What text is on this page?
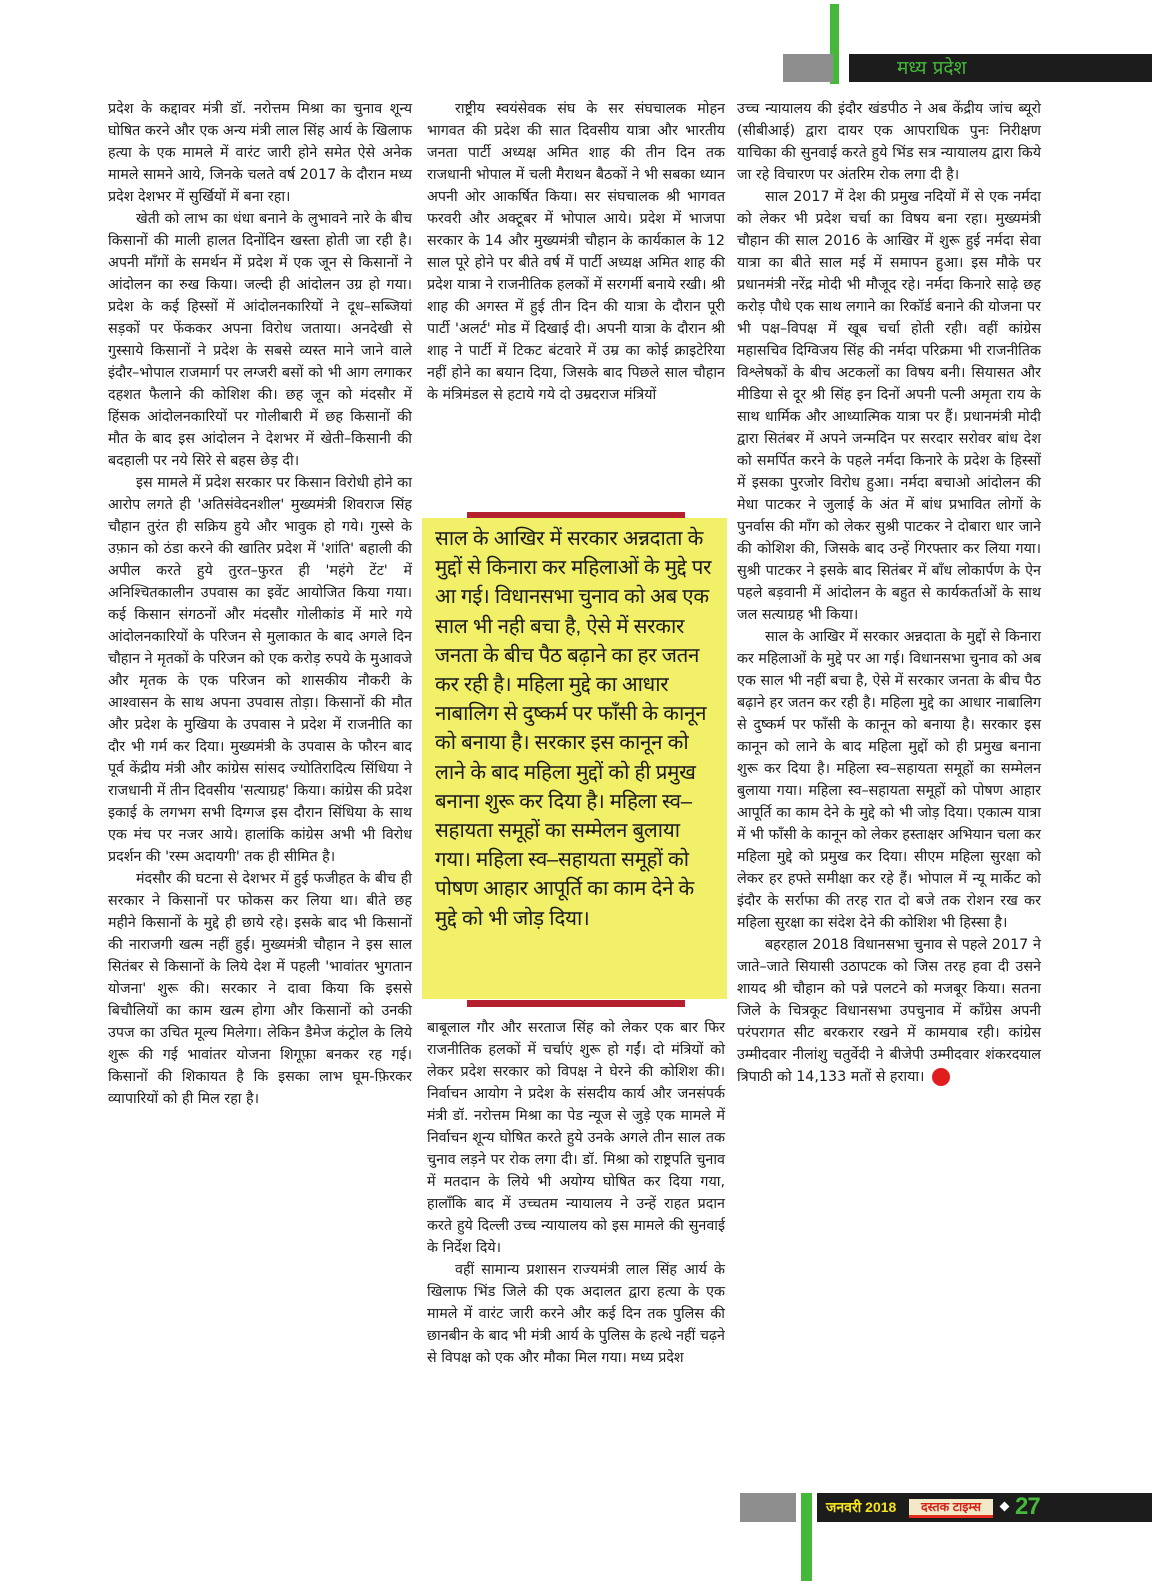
मध्य प्रदेश

प्रदेश के कद्दावर मंत्री डॉ. नरोत्तम मिश्रा का चुनाव शून्य घोषित करने और एक अन्य मंत्री लाल सिंह आर्य के खिलाफ हत्या के एक मामले में वारंट जारी होने समेत ऐसे अनेक मामले सामने आये, जिनके चलते वर्ष 2017 के दौरान मध्य प्रदेश देशभर में सुर्खियों में बना रहा।

खेती को लाभ का धंधा बनाने के लुभावने नारे के बीच किसानों की माली हालत दिनोंदिन खस्ता होती जा रही है। अपनी माँगों के समर्थन में प्रदेश में एक जून से किसानों ने आंदोलन का रुख किया। जल्दी ही आंदोलन उग्र हो गया। प्रदेश के कई हिस्सों में आंदोलनकारियों ने दूध–सब्जियां सड़कों पर फेंककर अपना विरोध जताया। अनदेखी से गुस्साये किसानों ने प्रदेश के सबसे व्यस्त माने जाने वाले इंदौर–भोपाल राजमार्ग पर लग्जरी बसों को भी आग लगाकर दहशत फैलाने की कोशिश की। छह जून को मंदसौर में हिंसक आंदोलनकारियों पर गोलीबारी में छह किसानों की मौत के बाद इस आंदोलन ने देशभर में खेती–किसानी की बदहाली पर नये सिरे से बहस छेड़ दी।

इस मामले में प्रदेश सरकार पर किसान विरोधी होने का आरोप लगते ही 'अतिसंवेदनशील' मुख्यमंत्री शिवराज सिंह चौहान तुरंत ही सक्रिय हुये और भावुक हो गये। गुस्से के उफ़ान को ठंडा करने की खातिर प्रदेश में 'शांति' बहाली की अपील करते हुये तुरत–फुरत ही 'महंगे टेंट' में अनिश्चितकालीन उपवास का इवेंट आयोजित किया गया। कई किसान संगठनों और मंदसौर गोलीकांड में मारे गये आंदोलनकारियों के परिजन से मुलाकात के बाद अगले दिन चौहान ने मृतकों के परिजन को एक करोड़ रुपये के मुआवजे और मृतक के एक परिजन को शासकीय नौकरी के आश्वासन के साथ अपना उपवास तोड़ा। किसानों की मौत और प्रदेश के मुखिया के उपवास ने प्रदेश में राजनीति का दौर भी गर्म कर दिया। मुख्यमंत्री के उपवास के फौरन बाद पूर्व केंद्रीय मंत्री और कांग्रेस सांसद ज्योतिरादित्य सिंधिया ने राजधानी में तीन दिवसीय 'सत्याग्रह' किया। कांग्रेस की प्रदेश इकाई के लगभग सभी दिग्गज इस दौरान सिंधिया के साथ एक मंच पर नजर आये। हालांकि कांग्रेस अभी भी विरोध प्रदर्शन की 'रस्म अदायगी' तक ही सीमित है।

मंदसौर की घटना से देशभर में हुई फजीहत के बीच ही सरकार ने किसानों पर फोकस कर लिया था। बीते छह महीने किसानों के मुद्दे ही छाये रहे। इसके बाद भी किसानों की नाराजगी खत्म नहीं हुई। मुख्यमंत्री चौहान ने इस साल सितंबर से किसानों के लिये देश में पहली 'भावांतर भुगतान योजना' शुरू की। सरकार ने दावा किया कि इससे बिचौलियों का काम खत्म होगा और किसानों को उनकी उपज का उचित मूल्य मिलेगा। लेकिन डैमेज कंट्रोल के लिये शुरू की गई भावांतर योजना शिगूफ़ा बनकर रह गई। किसानों की शिकायत है कि इसका लाभ घूम-फ़िरकर व्यापारियों को ही मिल रहा है।

राष्ट्रीय स्वयंसेवक संघ के सर संघचालक मोहन भागवत की प्रदेश की सात दिवसीय यात्रा और भारतीय जनता पार्टी अध्यक्ष अमित शाह की तीन दिन तक राजधानी भोपाल में चली मैराथन बैठकों ने भी सबका ध्यान अपनी ओर आकर्षित किया। सर संघचालक श्री भागवत फरवरी और अक्टूबर में भोपाल आये। प्रदेश में भाजपा सरकार के 14 और मुख्यमंत्री चौहान के कार्यकाल के 12 साल पूरे होने पर बीते वर्ष में पार्टी अध्यक्ष अमित शाह की प्रदेश यात्रा ने राजनीतिक हलकों में सरगर्मी बनाये रखी। श्री शाह की अगस्त में हुई तीन दिन की यात्रा के दौरान पूरी पार्टी 'अलर्ट' मोड में दिखाई दी। अपनी यात्रा के दौरान श्री शाह ने पार्टी में टिकट बंटवारे में उम्र का कोई क्राइटेरिया नहीं होने का बयान दिया, जिसके बाद पिछले साल चौहान के मंत्रिमंडल से हटाये गये दो उम्रदराज मंत्रियों

साल के आखिर में सरकार अन्नदाता के मुद्दों से किनारा कर महिलाओं के मुद्दे पर आ गई। विधानसभा चुनाव को अब एक साल भी नही बचा है, ऐसे में सरकार जनता के बीच पैठ बढ़ाने का हर जतन कर रही है। महिला मुद्दे का आधार नाबालिग से दुष्कर्म पर फाँसी के कानून को बनाया है। सरकार इस कानून को लाने के बाद महिला मुद्दों को ही प्रमुख बनाना शुरू कर दिया है। महिला स्व–सहायता समूहों का सम्मेलन बुलाया गया। महिला स्व–सहायता समूहों को पोषण आहार आपूर्ति का काम देने के मुद्दे को भी जोड़ दिया।

बाबूलाल गौर और सरताज सिंह को लेकर एक बार फिर राजनीतिक हलकों में चर्चाएं शुरू हो गईं। दो मंत्रियों को लेकर प्रदेश सरकार को विपक्ष ने घेरने की कोशिश की। निर्वाचन आयोग ने प्रदेश के संसदीय कार्य और जनसंपर्क मंत्री डॉ. नरोत्तम मिश्रा का पेड न्यूज से जुड़े एक मामले में निर्वाचन शून्य घोषित करते हुये उनके अगले तीन साल तक चुनाव लड़ने पर रोक लगा दी। डॉ. मिश्रा को राष्ट्रपति चुनाव में मतदान के लिये भी अयोग्य घोषित कर दिया गया, हालाँकि बाद में उच्चतम न्यायालय ने उन्हें राहत प्रदान करते हुये दिल्ली उच्च न्यायालय को इस मामले की सुनवाई के निर्देश दिये।

वहीं सामान्य प्रशासन राज्यमंत्री लाल सिंह आर्य के खिलाफ भिंड जिले की एक अदालत द्वारा हत्या के एक मामले में वारंट जारी करने और कई दिन तक पुलिस की छानबीन के बाद भी मंत्री आर्य के पुलिस के हत्थे नहीं चढ़ने से विपक्ष को एक और मौका मिल गया। मध्य प्रदेश

उच्च न्यायालय की इंदौर खंडपीठ ने अब केंद्रीय जांच ब्यूरो (सीबीआई) द्वारा दायर एक आपराधिक पुनः निरीक्षण याचिका की सुनवाई करते हुये भिंड सत्र न्यायालय द्वारा किये जा रहे विचारण पर अंतरिम रोक लगा दी है।

साल 2017 में देश की प्रमुख नदियों में से एक नर्मदा को लेकर भी प्रदेश चर्चा का विषय बना रहा। मुख्यमंत्री चौहान की साल 2016 के आखिर में शुरू हुई नर्मदा सेवा यात्रा का बीते साल मई में समापन हुआ। इस मौके पर प्रधानमंत्री नरेंद्र मोदी भी मौजूद रहे। नर्मदा किनारे साढ़े छह करोड़ पौधे एक साथ लगाने का रिकॉर्ड बनाने की योजना पर भी पक्ष–विपक्ष में खूब चर्चा होती रही। वहीं कांग्रेस महासचिव दिग्विजय सिंह की नर्मदा परिक्रमा भी राजनीतिक विश्लेषकों के बीच अटकलों का विषय बनी। सियासत और मीडिया से दूर श्री सिंह इन दिनों अपनी पत्नी अमृता राय के साथ धार्मिक और आध्यात्मिक यात्रा पर हैं। प्रधानमंत्री मोदी द्वारा सितंबर में अपने जन्मदिन पर सरदार सरोवर बांध देश को समर्पित करने के पहले नर्मदा किनारे के प्रदेश के हिस्सों में इसका पुरजोर विरोध हुआ। नर्मदा बचाओ आंदोलन की मेधा पाटकर ने जुलाई के अंत में बांध प्रभावित लोगों के पुनर्वास की माँग को लेकर सुश्री पाटकर ने दोबारा धार जाने की कोशिश की, जिसके बाद उन्हें गिरफ्तार कर लिया गया। सुश्री पाटकर ने इसके बाद सितंबर में बाँध लोकार्पण के ऐन पहले बड़वानी में आंदोलन के बहुत से कार्यकर्ताओं के साथ जल सत्याग्रह भी किया।

साल के आखिर में सरकार अन्नदाता के मुद्दों से किनारा कर महिलाओं के मुद्दे पर आ गई। विधानसभा चुनाव को अब एक साल भी नहीं बचा है, ऐसे में सरकार जनता के बीच पैठ बढ़ाने हर जतन कर रही है। महिला मुद्दे का आधार नाबालिग से दुष्कर्म पर फाँसी के कानून को बनाया है। सरकार इस कानून को लाने के बाद महिला मुद्दों को ही प्रमुख बनाना शुरू कर दिया है। महिला स्व–सहायता समूहों का सम्मेलन बुलाया गया। महिला स्व–सहायता समूहों को पोषण आहार आपूर्ति का काम देने के मुद्दे को भी जोड़ दिया। एकात्म यात्रा में भी फाँसी के कानून को लेकर हस्ताक्षर अभियान चला कर महिला मुद्दे को प्रमुख कर दिया। सीएम महिला सुरक्षा को लेकर हर हफ्ते समीक्षा कर रहे हैं। भोपाल में न्यू मार्केट को इंदौर के सर्राफा की तरह रात दो बजे तक रोशन रख कर महिला सुरक्षा का संदेश देने की कोशिश भी हिस्सा है।

बहरहाल 2018 विधानसभा चुनाव से पहले 2017 ने जाते–जाते सियासी उठापटक को जिस तरह हवा दी उसने शायद श्री चौहान को पन्ने पलटने को मजबूर किया। सतना जिले के चित्रकूट विधानसभा उपचुनाव में कॉंग्रेस अपनी परंपरागत सीट बरकरार रखने में कामयाब रही। कांग्रेस उम्मीदवार नीलांशु चतुर्वेदी ने बीजेपी उम्मीदवार शंकरदयाल त्रिपाठी को 14,133 मतों से हराया।

जनवरी 2018	दस्तक टाइम्स	27
